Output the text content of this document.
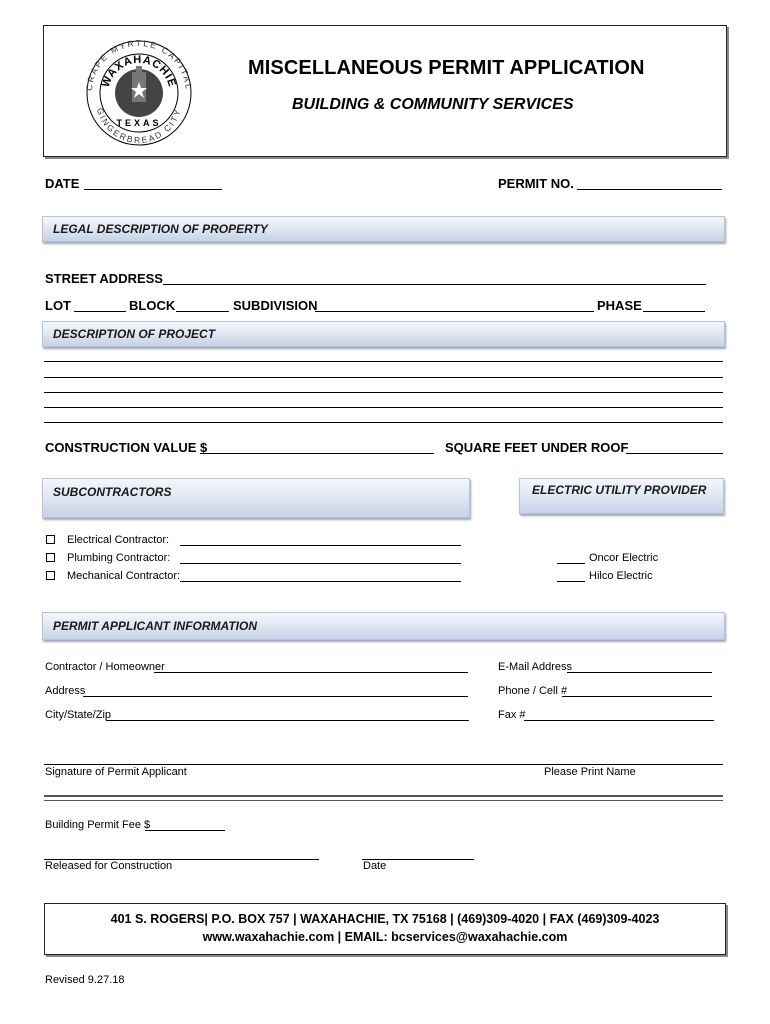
CRAPE MYRTLE CAPITAL
GINGERBREAD CITY
WAXAHACHIE
TEXAS
MISCELLANEOUS PERMIT APPLICATION
BUILDING & COMMUNITY SERVICES
DATE	PERMIT NO.
LEGAL DESCRIPTION OF PROPERTY
STREET ADDRESS
LOT	BLOCK	SUBDIVISION	PHASE
DESCRIPTION OF PROJECT
CONSTRUCTION VALUE $	SQUARE FEET UNDER ROOF
SUBCONTRACTORS	ELECTRIC UTILITY PROVIDER
Electrical Contractor:
Plumbing Contractor:
Mechanical Contractor:
Oncor Electric
Hilco Electric
PERMIT APPLICANT INFORMATION
Contractor / Homeowner	E-Mail Address
Address	Phone / Cell #
City/State/Zip	Fax #
Signature of Permit Applicant	Please Print Name
Building Permit Fee $
Released for Construction	Date
401 S. ROGERS| P.O. BOX 757 | WAXAHACHIE, TX 75168 | (469)309-4020 | FAX (469)309-4023
www.waxahachie.com | EMAIL: bcservices@waxahachie.com
Revised 9.27.18
